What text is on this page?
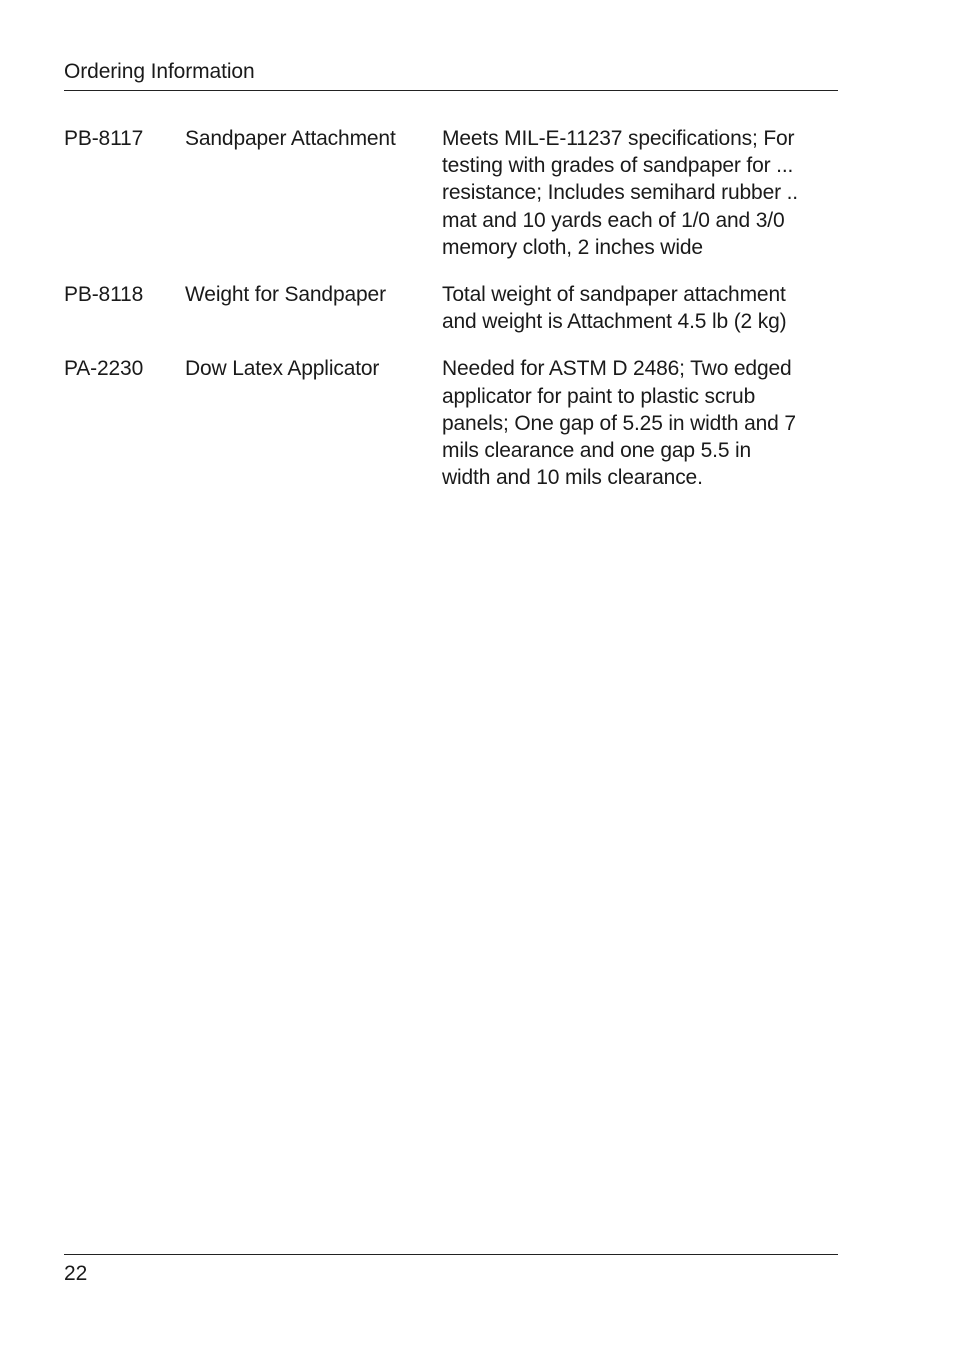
Ordering Information
PB-8117	Sandpaper Attachment	Meets MIL-E-11237 specifications; For
testing with grades of sandpaper for ...
resistance; Includes semihard rubber ..
mat and 10 yards each of 1/0 and 3/0
memory cloth, 2 inches wide
PB-8118	Weight for Sandpaper	Total weight of sandpaper attachment
and weight is Attachment 4.5 lb (2 kg)
PA-2230	Dow Latex Applicator	Needed for ASTM D 2486; Two edged
applicator for paint to plastic scrub
panels; One gap of 5.25 in width and 7
mils clearance and one gap 5.5 in
width and 10 mils clearance.
22
